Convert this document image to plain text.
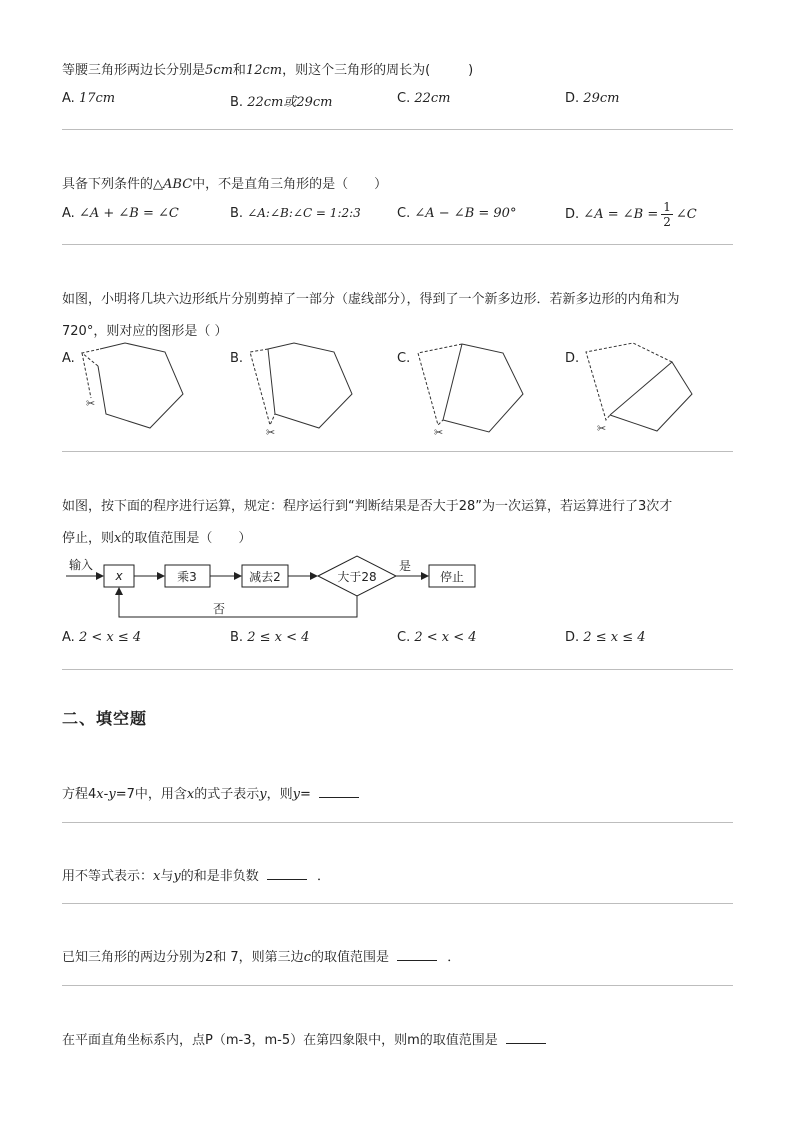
等腰三角形两边长分别是5cm和12cm，则这个三角形的周长为(	)
A. 17cm	B. 22cm或29cm	C. 22cm	D. 29cm
具备下列条件的△ABC中，不是直角三角形的是（　　）
A. ∠A + ∠B = ∠C	B. ∠A:∠B:∠C = 1:2:3	C. ∠A − ∠B = 90°	D.
∠A = ∠B = $\frac{1}{2}$ ∠C
如图，小明将几块六边形纸片分别剪掉了一部分（虚线部分），得到了一个新多边形．若新多边形的内角和为
720°，则对应的图形是（ ）
A.	B.	C.	D.
✂
✂	✂	✂
如图，按下面的程序进行运算，规定：程序运行到“判断结果是否大于28”为一次运算，若运算进行了3次才
停止，则x的取值范围是（　　）
输入
x	乘3	减去2	大于28
是
停止
否
A. 2 < x ≤ 4	B. 2 ≤ x < 4	C. 2 < x < 4	D. 2 ≤ x ≤ 4
二、填空题
方程4x-y=7中，用含x的式子表示y，则y=
用不等式表示：x与y的和是非负数	．
已知三角形的两边分别为2和 7，则第三边c的取值范围是	．
在平面直角坐标系内，点P（m-3，m-5）在第四象限中，则m的取值范围是
